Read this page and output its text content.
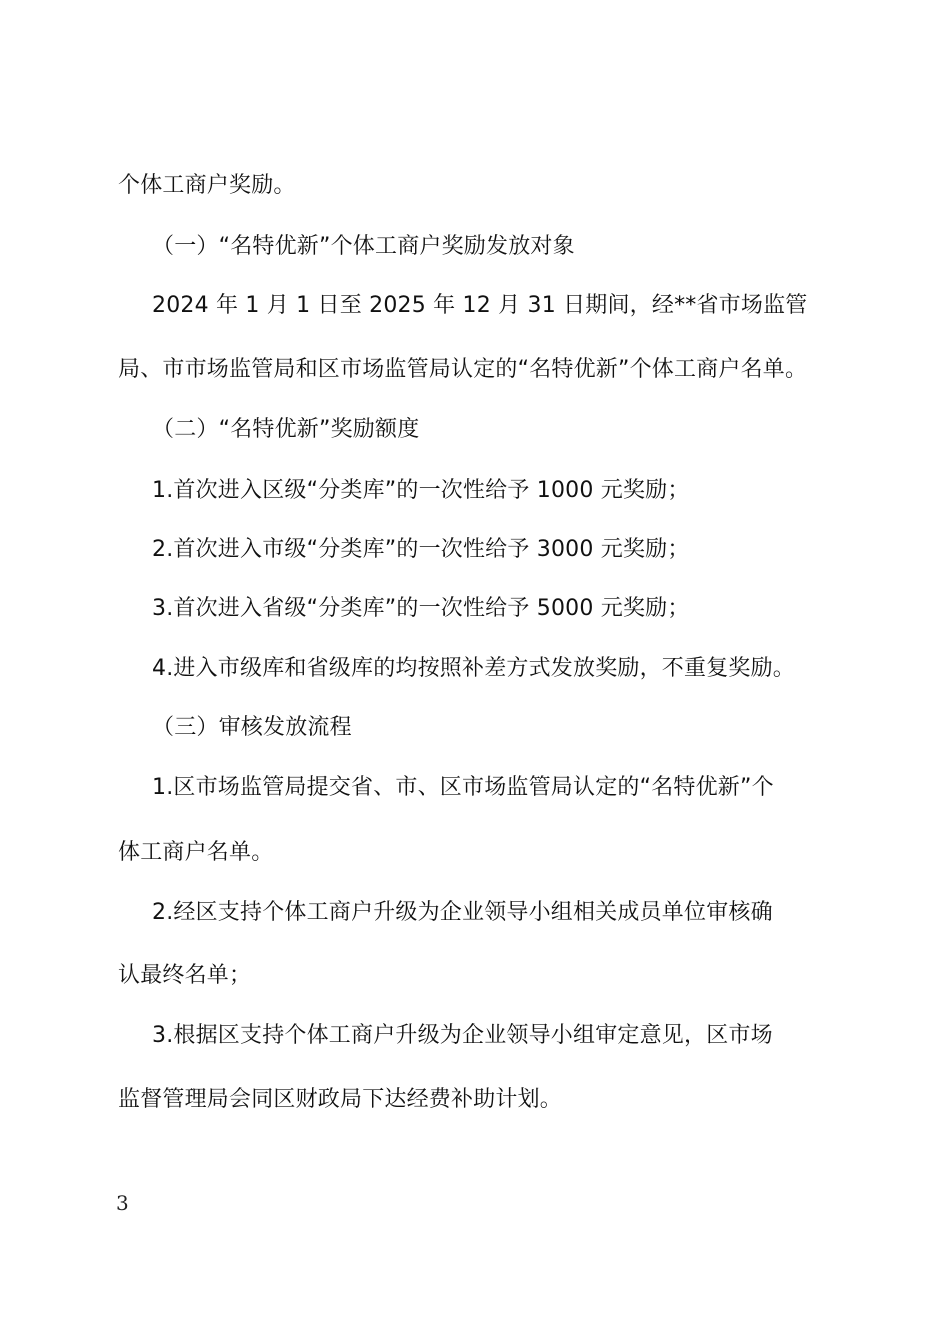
个体工商户奖励。
（一）“名特优新”个体工商户奖励发放对象
2024 年 1 月 1 日至 2025 年 12 月 31 日期间，经**省市场监管
局、市市场监管局和区市场监管局认定的“名特优新”个体工商户名单。
（二）“名特优新”奖励额度
1.首次进入区级“分类库”的一次性给予 1000 元奖励；
2.首次进入市级“分类库”的一次性给予 3000 元奖励；
3.首次进入省级“分类库”的一次性给予 5000 元奖励；
4.进入市级库和省级库的均按照补差方式发放奖励，不重复奖励。
（三）审核发放流程
1.区市场监管局提交省、市、区市场监管局认定的“名特优新”个
体工商户名单。
2.经区支持个体工商户升级为企业领导小组相关成员单位审核确
认最终名单；
3.根据区支持个体工商户升级为企业领导小组审定意见，区市场
监督管理局会同区财政局下达经费补助计划。
3
